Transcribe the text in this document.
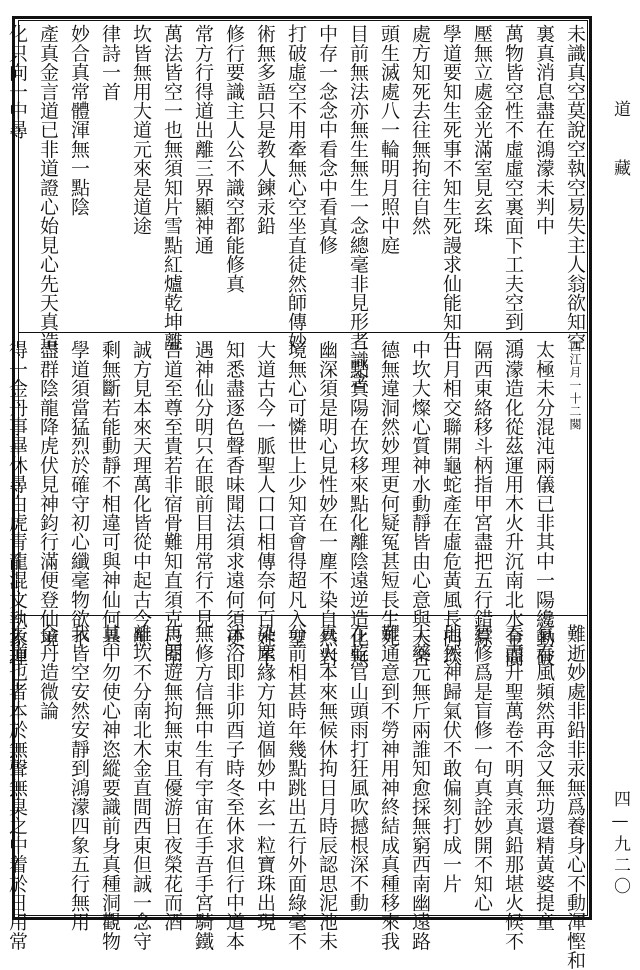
未識真空莫說空執空易失主人翁欲知空
裏真消息盡在鴻濛未判中
萬物皆空性不虛虛空裏面下工夫空到一
壓無立處金光滿室見玄珠
學道要知生死事不知生死謾求仙能知生
處方知死去往無拘往自然
頭生滅處八一輪明月照中庭
目前無法亦無生無生一念總毫非見形者識念
中存一念念中看念中看真修
打破虛空不用牽無心空坐直徒然師傳妙
術無多語只是教人鍊汞鉛
修行要識主人公不識空都能修真
常方行得道出離三界顯神通
萬法皆空一也無須知片雪點紅爐乾坤離
坎皆無用大道元來是道途
律詩一首
妙合真常體渾無一點陰
產真金言道已非道證心始見心先天真造
化只向一中尋
西江月一十二闋
太極未分混沌兩儀已非其中一陽纔動破
鴻濛造化從茲運用木火升沉南北水金間
隔西東絡移斗柄指甲宮盡把五行錯綜
日月相交聯開龜蛇產在虛危黃風長向坎
中坎大燦心質神水動靜皆由心意與天合
德無違洞然妙理更何疑冤甚短長生死
一點真陽在坎移來點化離陰遠逆造化無
幽深須是明心見性妙在一塵不染自然對
境無心可憐世上少知音會得超凡入聖
大道古今一脈聖人口口相傳奈何百姓不
知悉盡逐色聲香味聞法須求遠何須更
遇神仙分明只在眼前目用常行不見
吾道至尊至貴若非宿骨難知直須克已至
誠方見本來天理萬化皆從中起古今無
剩無斷若能動靜不相違可與神仙何異
學道須當猛烈於確守初心纖毫物欲不
盡群陰龍降虎伏見神鈞行滿便登仙境
得一金丹事畢休尋白虎青龍混文執象理
難逝妙處非鉛非汞無爲養身心不動渾慳和
氣春風頻然再念又無功還精黃婆提童
看盡升聖萬卷不明真汞真鉛那堪火候不
實修爲是盲修一句真詮妙開不知心
地然神歸氣伏不敢偏刻打成一片
大藥元無斤兩誰知愈採無窮西南幽遠路
難通意到不勞神用神終結成真種移來我
在乾官山頭雨打狂風吹撼根深不動
真火本來無候休拘日月時辰認思泥池未
分前相甚時年幾點跳出五行外面綠毫不
染塵緣方知道個妙中玄一粒寶珠出現
沐浴即非卯酉子時冬至休求但行中道本
無修方信無中生有宇宙在手吾手宮騎鐵
馬閒遊無拘無束且優游日夜榮花而酒
離坎不分南北木金直間西東但誠一念守
其中勿使心神恣縱要識前身真種洞觀物
我皆空安然安靜到鴻濛四象五行無用
金丹造微論
夫道也者本於無聲無臭之中着於日用常
道藏
四—九二〇
